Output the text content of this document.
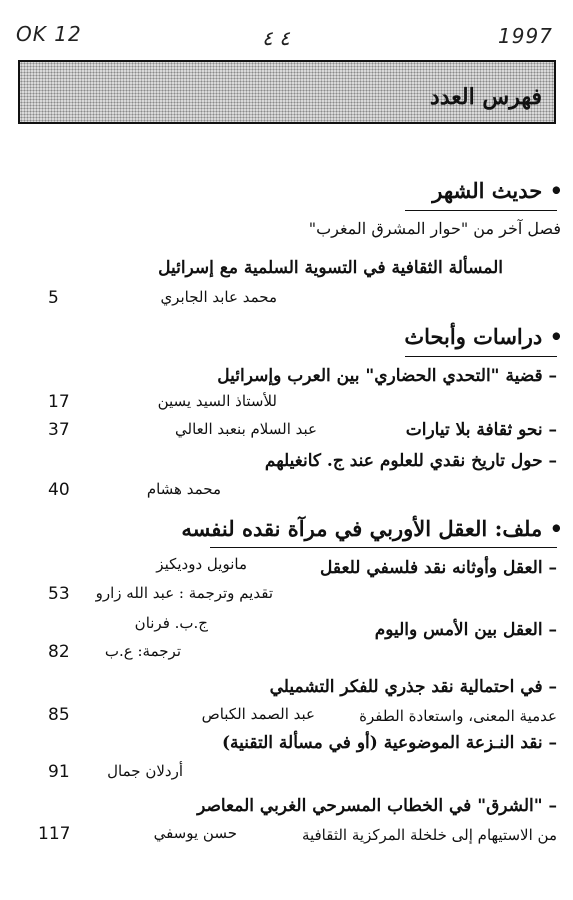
OK 12	٤ ٤	1997
فهرس العدد
• حديث الشهر
فصل آخر من "حوار المشرق المغرب"
المسألة الثقافية في التسوية السلمية مع إسرائيل
محمد عابد الجابري
5
• دراسات وأبحاث
– قضية "التحدي الحضاري" بين العرب وإسرائيل
للأستاذ السيد يسين
17
– نحو ثقافة بلا تيارات
عبد السلام بنعبد العالي
37
– حول تاريخ نقدي للعلوم عند ج. كانغيلهم
محمد هشام
40
• ملف: العقل الأوربي في مرآة نقده لنفسه
– العقل وأوثانه نقد فلسفي للعقل
مانويل دوديكيز
تقديم وترجمة : عبد الله زارو
53
– العقل بين الأمس واليوم
ج.ب. فرنان
ترجمة: ع.ب
82
– في احتمالية نقد جذري للفكر التشميلي
عدمية المعنى، واستعادة الطفرة
عبد الصمد الكباص
85
– نقد النـزعة الموضوعية (أو في مسألة التقنية)
أردلان جمال
91
– "الشرق" في الخطاب المسرحي الغربي المعاصر
من الاستيهام إلى خلخلة المركزية الثقافية
حسن يوسفي
117
